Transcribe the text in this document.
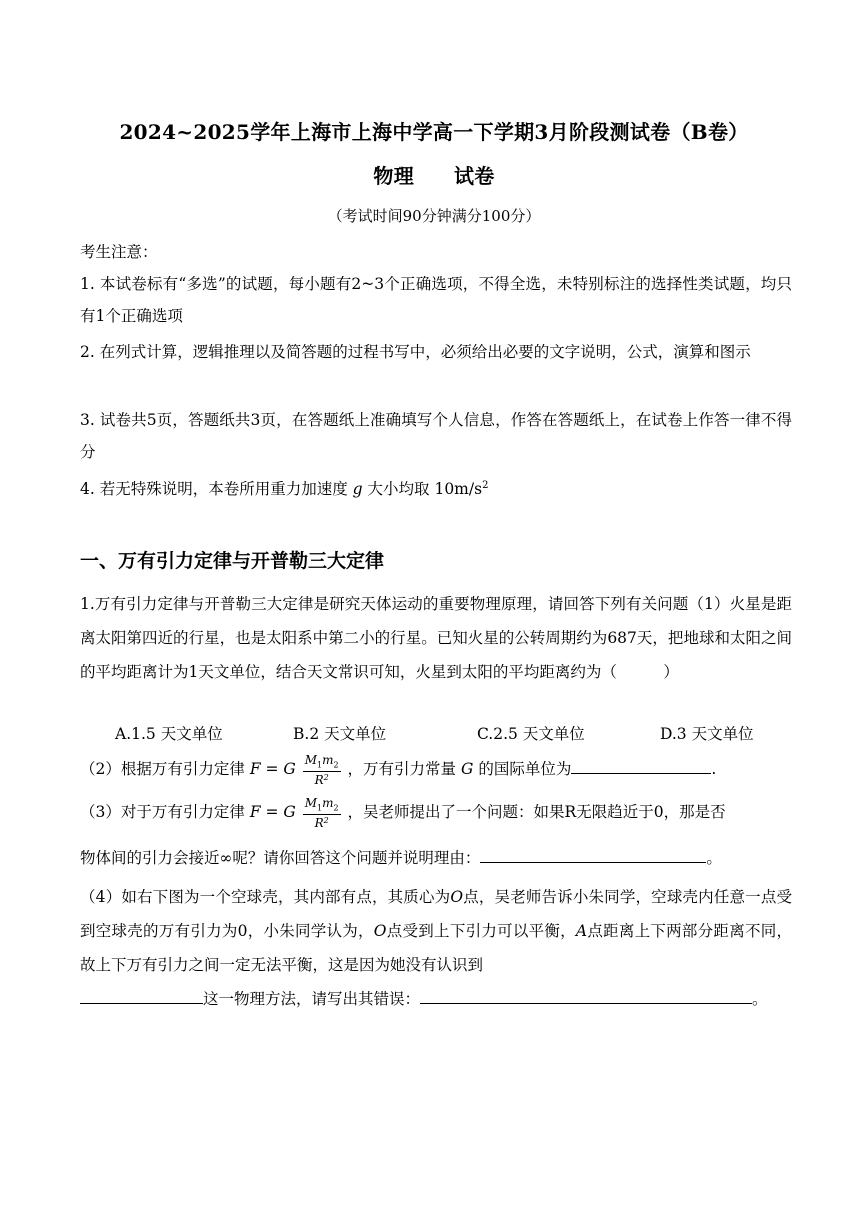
2024~2025学年上海市上海中学高一下学期3月阶段测试卷（B卷）
物理 试卷
（考试时间90分钟满分100分）
考生注意：
1. 本试卷标有“多选”的试题，每小题有2~3个正确选项，不得全选，未特别标注的选择性类试题，均只有1个正确选项
2. 在列式计算，逻辑推理以及简答题的过程书写中，必须给出必要的文字说明，公式，演算和图示
3. 试卷共5页，答题纸共3页，在答题纸上准确填写个人信息，作答在答题纸上，在试卷上作答一律不得分
4. 若无特殊说明，本卷所用重力加速度 g 大小均取 $10m/s^2$
一、万有引力定律与开普勒三大定律
1.万有引力定律与开普勒三大定律是研究天体运动的重要物理原理，请回答下列有关问题（1）火星是距离太阳第四近的行星，也是太阳系中第二小的行星。已知火星的公转周期约为687天，把地球和太阳之间的平均距离计为1天文单位，结合天文常识可知，火星到太阳的平均距离约为（　　　）
A.1.5 天文单位	B.2 天文单位	C.2.5 天文单位	D.3 天文单位
（2）根据万有引力定律 F = G $\frac{M_1m_2}{R^2}$ ，万有引力常量 G 的国际单位为	.
（3）对于万有引力定律 F = G $\frac{M_1m_2}{R^2}$ ，吴老师提出了一个问题：如果R无限趋近于0，那是否
物体间的引力会接近∞呢？请你回答这个问题并说明理由：	。
（4）如右下图为一个空球壳，其内部有点，其质心为O点，吴老师告诉小朱同学，空球壳内任意一点受到空球壳的万有引力为0，小朱同学认为，O点受到上下引力可以平衡，A点距离上下两部分距离不同，故上下万有引力之间一定无法平衡，这是因为她没有认识到
这一物理方法，请写出其错误：	。
